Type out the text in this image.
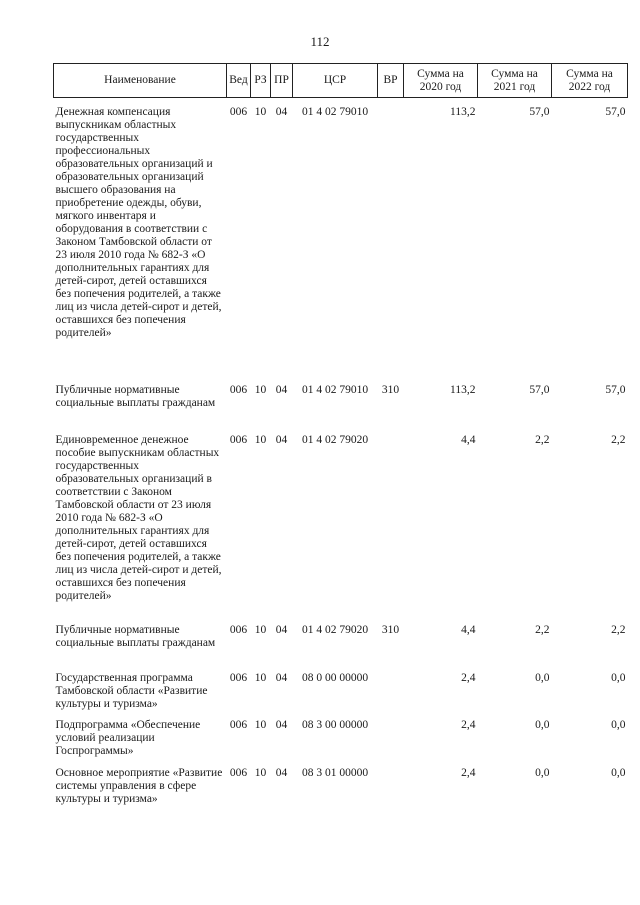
112
Наименование	Вед	РЗ	ПР	ЦСР	ВР	Сумма на 2020 год	Сумма на 2021 год	Сумма на 2022 год

Денежная компенсация выпускникам областных государственных профессиональных образовательных организаций и образовательных организаций высшего образования на приобретение одежды, обуви, мягкого инвентаря и оборудования в соответствии с Законом Тамбовской области от 23 июля 2010 года № 682-З «О дополнительных гарантиях для детей-сирот, детей оставшихся без попечения родителей, а также лиц из числа детей-сирот и детей, оставшихся без попечения родителей»	006	10	04	01 4 02 79010		113,2	57,0	57,0
Публичные нормативные социальные выплаты гражданам	006	10	04	01 4 02 79010	310	113,2	57,0	57,0
Единовременное денежное пособие выпускникам областных государственных образовательных организаций в соответствии с Законом Тамбовской области от 23 июля 2010 года № 682-З «О дополнительных гарантиях для детей-сирот, детей оставшихся без попечения родителей, а также лиц из числа детей-сирот и детей, оставшихся без попечения родителей»	006	10	04	01 4 02 79020		4,4	2,2	2,2
Публичные нормативные социальные выплаты гражданам	006	10	04	01 4 02 79020	310	4,4	2,2	2,2
Государственная программа Тамбовской области «Развитие культуры и туризма»	006	10	04	08 0 00 00000		2,4	0,0	0,0
Подпрограмма «Обеспечение условий реализации Госпрограммы»	006	10	04	08 3 00 00000		2,4	0,0	0,0
Основное мероприятие «Развитие системы управления в сфере культуры и туризма»	006	10	04	08 3 01 00000		2,4	0,0	0,0
